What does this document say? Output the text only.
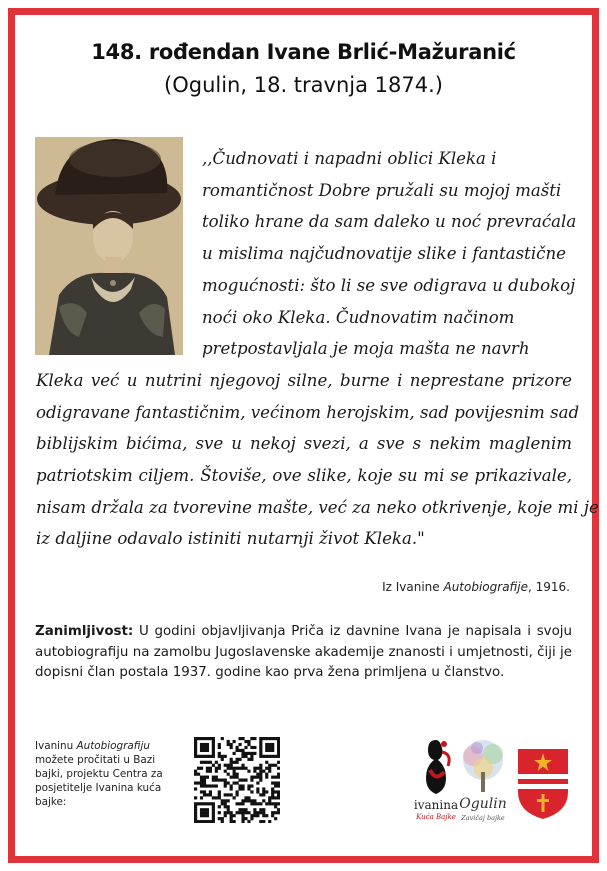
148. rođendan Ivane Brlić-Mažuranić
(Ogulin, 18. travnja 1874.)
,,Čudnovati i napadni oblici Kleka i
romantičnost Dobre pružali su mojoj mašti
toliko hrane da sam daleko u noć prevraćala
u mislima najčudnovatije slike i fantastične
mogućnosti: što li se sve odigrava u dubokoj
noći oko Kleka. Čudnovatim načinom
pretpostavljala je moja mašta ne navrh
Kleka već u nutrini njegovoj silne, burne i neprestane prizore
odigravane fantastičnim, većinom herojskim, sad povijesnim sad
biblijskim bićima, sve u nekoj svezi, a sve s nekim maglenim
patriotskim ciljem. Štoviše, ove slike, koje su mi se prikazivale,
nisam držala za tvorevine mašte, već za neko otkrivenje, koje mi je
iz daljine odavalo istiniti nutarnji život Kleka."
Iz Ivanine Autobiografije, 1916.
Zanimljivost: U godini objavljivanja Priča iz davnine Ivana je napisala i svoju autobiografiju na zamolbu Jugoslavenske akademije znanosti i umjetnosti, čiji je dopisni član postala 1937. godine kao prva žena primljena u članstvo.
Ivaninu Autobiografiju možete pročitati u Bazi bajki, projektu Centra za posjetitelje Ivanina kuća bajke:	ivanina
Kuća Bajke
Ogulin
Zavičaj bajke
